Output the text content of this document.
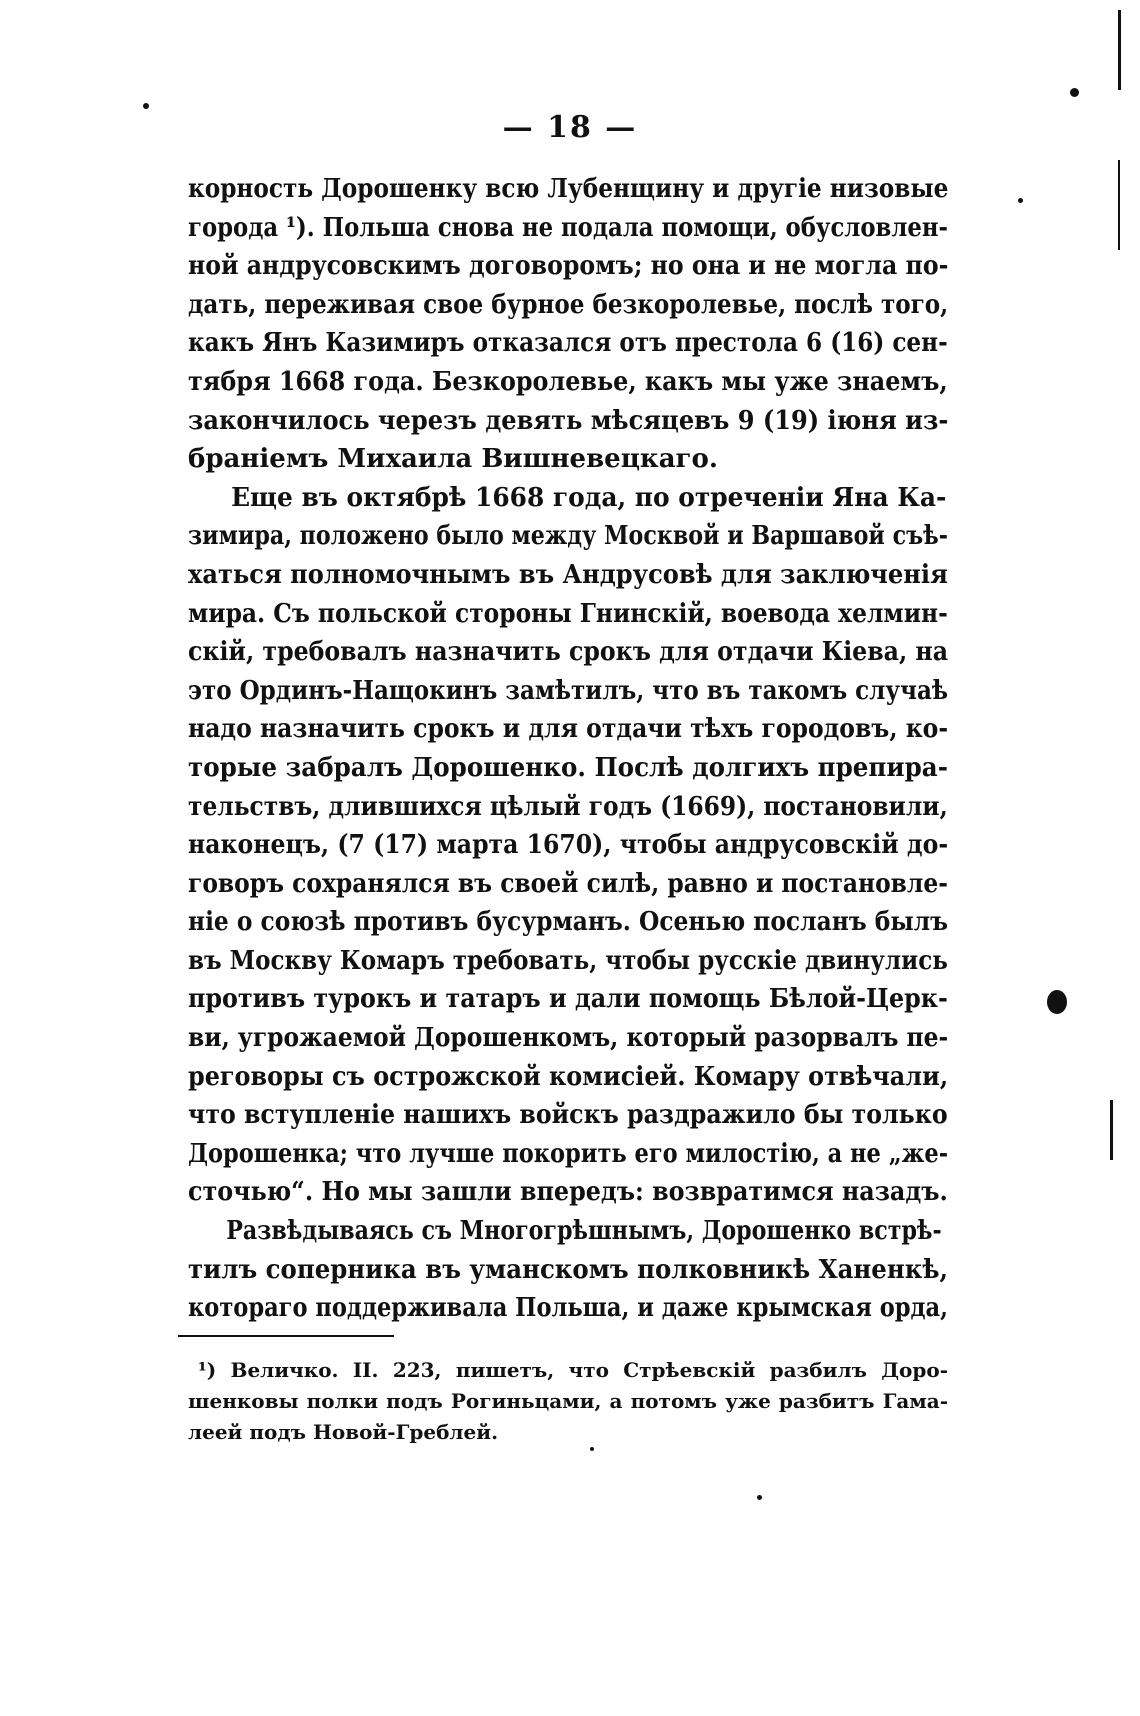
— 18 —
корность Дорошенку всю Лубенщину и другіе низовые
города ¹). Польша снова не подала помощи, обусловлен-
ной андрусовскимъ договоромъ; но она и не могла по-
дать, переживая свое бурное безкоролевье, послѣ того,
какъ Янъ Казимиръ отказался отъ престола 6 (16) сен-
тября 1668 года. Безкоролевье, какъ мы уже знаемъ,
закончилось черезъ девять мѣсяцевъ 9 (19) іюня из-
браніемъ Михаила Вишневецкаго.
Еще въ октябрѣ 1668 года, по отреченіи Яна Ка-
зимира, положено было между Москвой и Варшавой съѣ-
хаться полномочнымъ въ Андрусовѣ для заключенія
мира. Съ польской стороны Гнинскій, воевода хелмин-
скій, требовалъ назначить срокъ для отдачи Кіева, на
это Ординъ-Нащокинъ замѣтилъ, что въ такомъ случаѣ
надо назначить срокъ и для отдачи тѣхъ городовъ, ко-
торые забралъ Дорошенко. Послѣ долгихъ препира-
тельствъ, длившихся цѣлый годъ (1669), постановили,
наконецъ, (7 (17) марта 1670), чтобы андрусовскій до-
говоръ сохранялся въ своей силѣ, равно и постановле-
ніе о союзѣ противъ бусурманъ. Осенью посланъ былъ
въ Москву Комаръ требовать, чтобы русскіе двинулись
противъ турокъ и татаръ и дали помощь Бѣлой-Церк-
ви, угрожаемой Дорошенкомъ, который разорвалъ пе-
реговоры съ острожской комисіей. Комару отвѣчали,
что вступленіе нашихъ войскъ раздражило бы только
Дорошенка; что лучше покорить его милостію, а не „же-
сточью“. Но мы зашли впередъ: возвратимся назадъ.
Развѣдываясь съ Многогрѣшнымъ, Дорошенко встрѣ-
тилъ соперника въ уманскомъ полковникѣ Ханенкѣ,
котораго поддерживала Польша, и даже крымская орда,
¹) Величко. II. 223, пишетъ, что Стрѣевскій разбилъ Доро-
шенковы полки подъ Рогиньцами, а потомъ уже разбитъ Гама-
леей подъ Новой-Греблей.
